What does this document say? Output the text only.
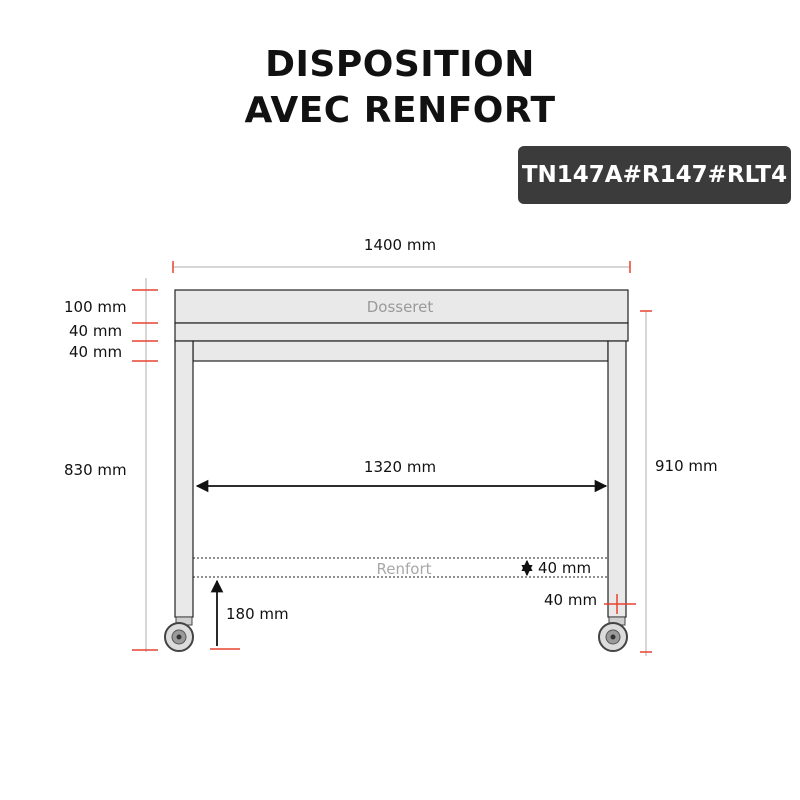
DISPOSITION
AVEC RENFORT
TN147A#R147#RLT4
1400 mm
100 mm
40 mm
40 mm
830 mm	910 mm
1320 mm
Renfort	40 mm
40 mm
180 mm
Dosseret
